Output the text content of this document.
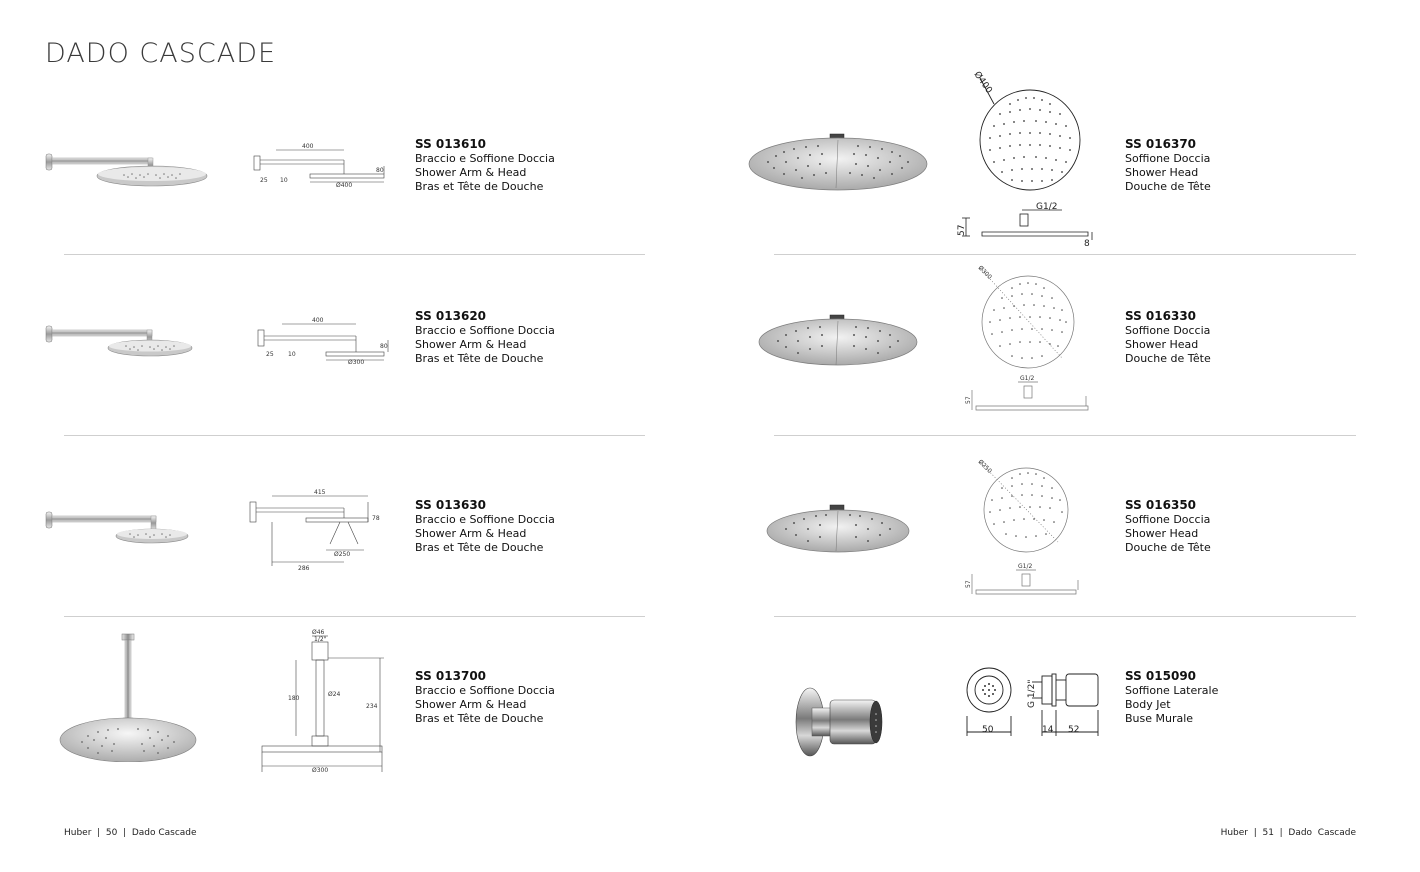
DADO CASCADE
400
Ø400
25 10
80
SS 013610
Braccio e Soffione Doccia
Shower Arm & Head
Bras et Tête de Douche
400
Ø300
25 10
80
SS 013620
Braccio e Soffione Doccia
Shower Arm & Head
Bras et Tête de Douche
415
Ø250
286
78
SS 013630
Braccio e Soffione Doccia
Shower Arm & Head
Bras et Tête de Douche
Ø46
1/2"
180
Ø24
234
Ø300
SS 013700
Braccio e Soffione Doccia
Shower Arm & Head
Bras et Tête de Douche
Ø400
G1/2
57
8
SS 016370
Soffione Doccia
Shower Head
Douche de Tête
Ø300
G1/2
57
SS 016330
Soffione Doccia
Shower Head
Douche de Tête
Ø250
G1/2
57
SS 016350
Soffione Doccia
Shower Head
Douche de Tête
50
G 1/2"
14 52
SS 015090
Soffione Laterale
Body Jet
Buse Murale
Huber  |  50  |  Dado Cascade	Huber  |  51  |  Dado  Cascade
